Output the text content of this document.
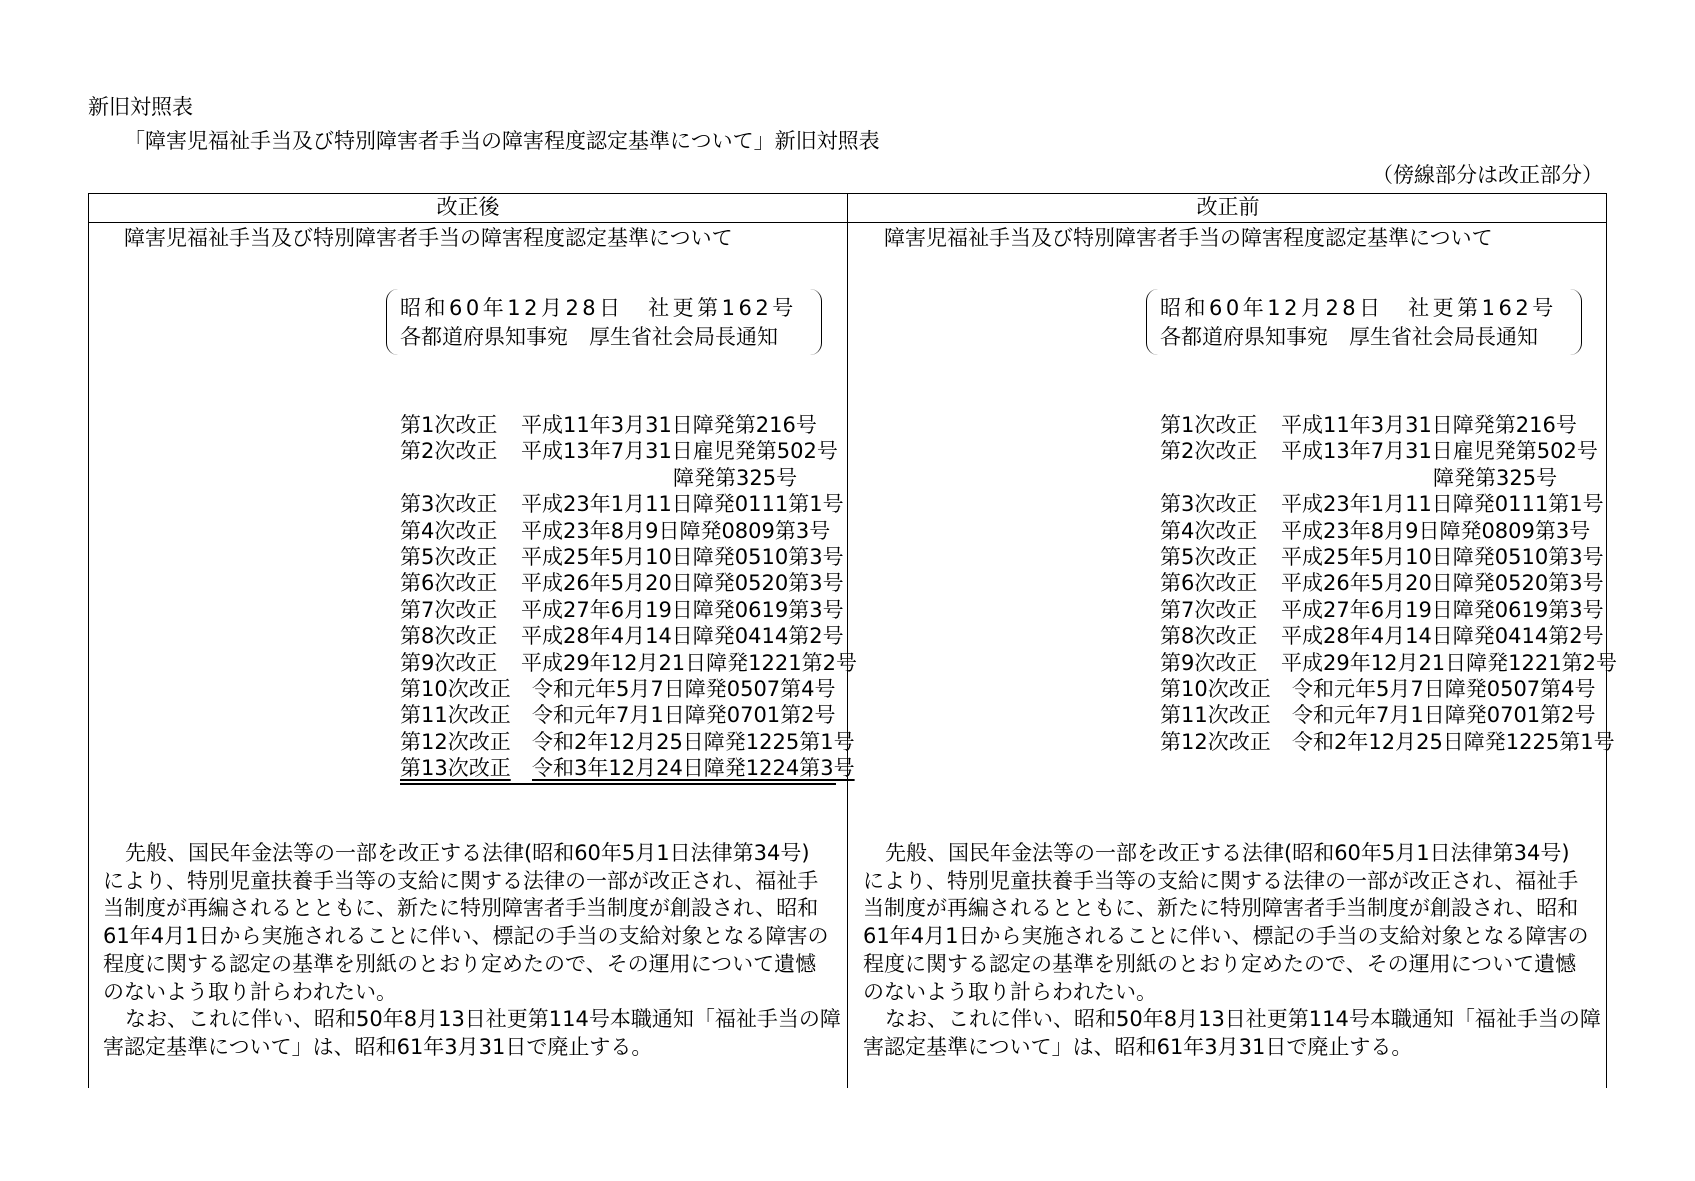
新旧対照表
「障害児福祉手当及び特別障害者手当の障害程度認定基準について」新旧対照表
（傍線部分は改正部分）
改正後
障害児福祉手当及び特別障害者手当の障害程度認定基準について
昭和60年12月28日　社更第162号
各都道府県知事宛　厚生省社会局長通知
第1次改正 平成11年3月31日障発第216号
第2次改正 平成13年7月31日雇児発第502号
障発第325号
第3次改正 平成23年1月11日障発0111第1号
第4次改正 平成23年8月9日障発0809第3号
第5次改正 平成25年5月10日障発0510第3号
第6次改正 平成26年5月20日障発0520第3号
第7次改正 平成27年6月19日障発0619第3号
第8次改正 平成28年4月14日障発0414第2号
第9次改正 平成29年12月21日障発1221第2号
第10次改正 令和元年5月7日障発0507第4号
第11次改正 令和元年7月1日障発0701第2号
第12次改正 令和2年12月25日障発1225第1号
第13次改正 令和3年12月24日障発1224第3号
先般、国民年金法等の一部を改正する法律(昭和60年5月1日法律第34号)
により、特別児童扶養手当等の支給に関する法律の一部が改正され、福祉手
当制度が再編されるとともに、新たに特別障害者手当制度が創設され、昭和
61年4月1日から実施されることに伴い、標記の手当の支給対象となる障害の
程度に関する認定の基準を別紙のとおり定めたので、その運用について遺憾
のないよう取り計らわれたい。
なお、これに伴い、昭和50年8月13日社更第114号本職通知「福祉手当の障
害認定基準について」は、昭和61年3月31日で廃止する。
改正前
障害児福祉手当及び特別障害者手当の障害程度認定基準について
昭和60年12月28日　社更第162号
各都道府県知事宛　厚生省社会局長通知
第1次改正 平成11年3月31日障発第216号
第2次改正 平成13年7月31日雇児発第502号
障発第325号
第3次改正 平成23年1月11日障発0111第1号
第4次改正 平成23年8月9日障発0809第3号
第5次改正 平成25年5月10日障発0510第3号
第6次改正 平成26年5月20日障発0520第3号
第7次改正 平成27年6月19日障発0619第3号
第8次改正 平成28年4月14日障発0414第2号
第9次改正 平成29年12月21日障発1221第2号
第10次改正 令和元年5月7日障発0507第4号
第11次改正 令和元年7月1日障発0701第2号
第12次改正 令和2年12月25日障発1225第1号
先般、国民年金法等の一部を改正する法律(昭和60年5月1日法律第34号)
により、特別児童扶養手当等の支給に関する法律の一部が改正され、福祉手
当制度が再編されるとともに、新たに特別障害者手当制度が創設され、昭和
61年4月1日から実施されることに伴い、標記の手当の支給対象となる障害の
程度に関する認定の基準を別紙のとおり定めたので、その運用について遺憾
のないよう取り計らわれたい。
なお、これに伴い、昭和50年8月13日社更第114号本職通知「福祉手当の障
害認定基準について」は、昭和61年3月31日で廃止する。
